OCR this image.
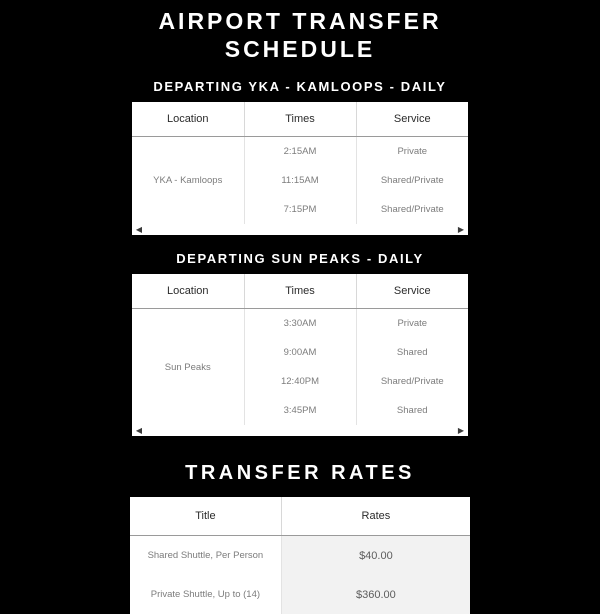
AIRPORT TRANSFER
SCHEDULE
DEPARTING YKA - KAMLOOPS - DAILY
Location	Times	Service
YKA - Kamloops	2:15AM	Private
	11:15AM	Shared/Private
	7:15PM	Shared/Private
◀	▶
DEPARTING SUN PEAKS - DAILY
Location	Times	Service
Sun Peaks	3:30AM	Private
	9:00AM	Shared
	12:40PM	Shared/Private
	3:45PM	Shared
◀	▶
TRANSFER RATES
Title	Rates
Shared Shuttle, Per Person	$40.00
Private Shuttle, Up to (14)	$360.00
